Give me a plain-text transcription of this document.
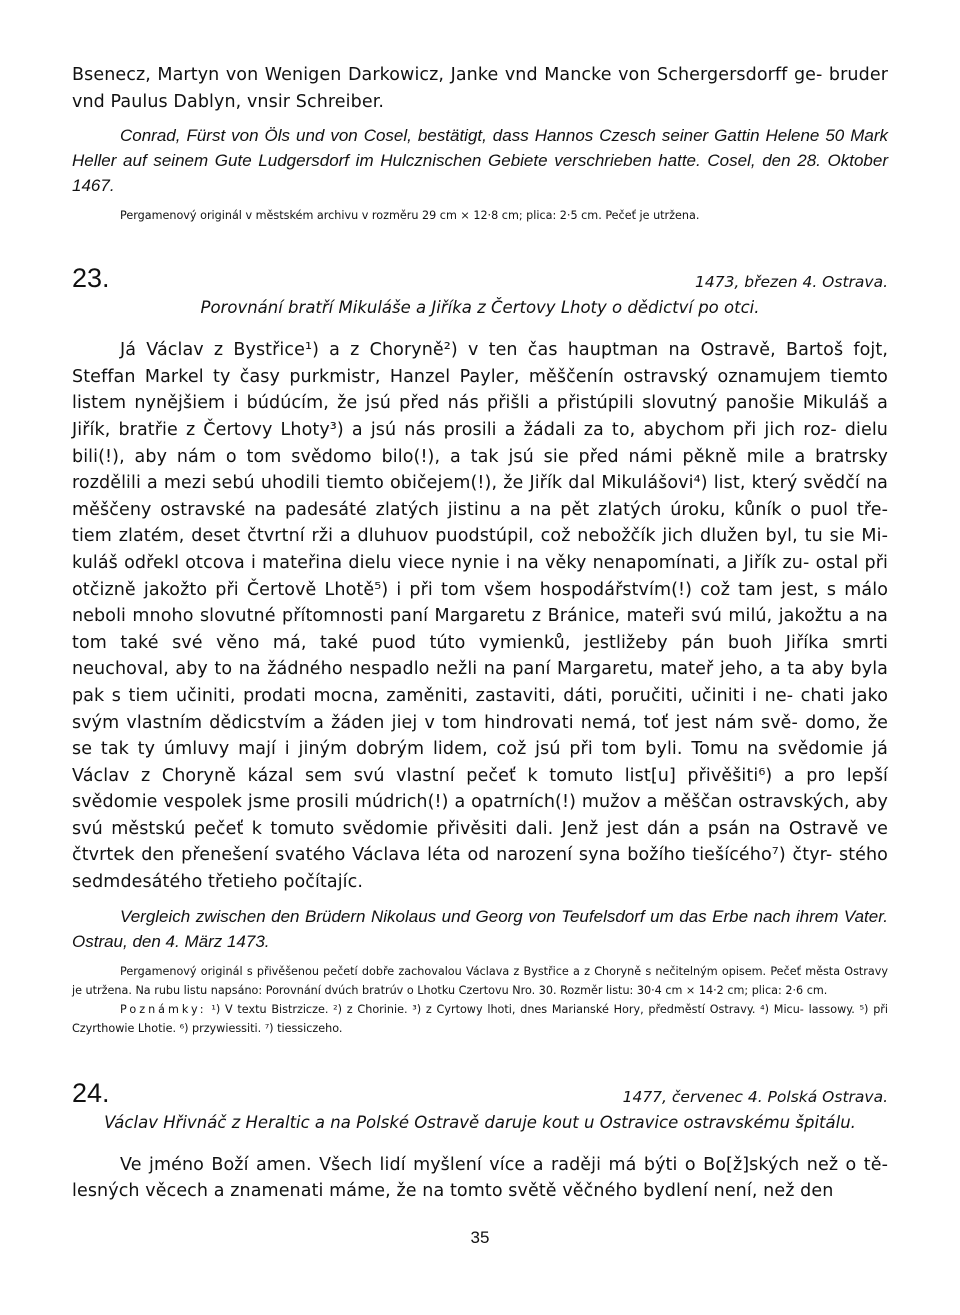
Bsenecz, Martyn von Wenigen Darkowicz, Janke vnd Mancke von Schergersdorff ge- bruder vnd Paulus Dablyn, vnsir Schreiber.

Conrad, Fürst von Öls und von Cosel, bestätigt, dass Hannos Czesch seiner Gattin Helene 50 Mark Heller auf seinem Gute Ludgersdorf im Hulcznischen Gebiete verschrieben hatte. Cosel, den 28. Oktober 1467.

Pergamenový originál v městském archivu v rozměru 29 cm ⨯ 12·8 cm; plica: 2·5 cm. Pečeť je utržena.

23.	1473, březen 4. Ostrava.

Porovnání bratří Mikuláše a Jiříka z Čertovy Lhoty o dědictví po otci.

Já Václav z Bystřice¹) a z Choryně²) v ten čas hauptman na Ostravě, Bartoš fojt, Steffan Markel ty časy purkmistr, Hanzel Payler, měščenín ostravský oznamujem tiemto listem nynějšiem i búdúcím, že jsú před nás přišli a přistúpili slovutný panošie Mikuláš a Jiřík, bratřie z Čertovy Lhoty³) a jsú nás prosili a žádali za to, abychom při jich roz- dielu bili(!), aby nám o tom svědomo bilo(!), a tak jsú sie před námi pěkně mile a bratrsky rozdělili a mezi sebú uhodili tiemto običejem(!), že Jiřík dal Mikulášovi⁴) list, který svědčí na měščeny ostravské na padesáté zlatých jistinu a na pět zlatých úroku, kůník o puol tře- tiem zlatém, deset čtvrtní rži a dluhuov puodstúpil, což nebožčík jich dlužen byl, tu sie Mi- kuláš odřekl otcova i mateřina dielu viece nynie i na věky nenapomínati, a Jiřík zu- ostal při otčizně jakožto při Čertově Lhotě⁵) i při tom všem hospodářstvím(!) což tam jest, s málo neboli mnoho slovutné přítomnosti paní Margaretu z Bránice, mateři svú milú, jakožtu a na tom také své věno má, také puod túto vymienků, jestližeby pán buoh Jiříka smrti neuchoval, aby to na žádného nespadlo nežli na paní Margaretu, mateř jeho, a ta aby byla pak s tiem učiniti, prodati mocna, zaměniti, zastaviti, dáti, poručiti, učiniti i ne- chati jako svým vlastním dědicstvím a žáden jiej v tom hindrovati nemá, toť jest nám svě- domo, že se tak ty úmluvy mají i jiným dobrým lidem, což jsú při tom byli. Tomu na svědomie já Václav z Choryně kázal sem svú vlastní pečeť k tomuto list[u] přivěšiti⁶) a pro lepší svědomie vespolek jsme prosili múdrich(!) a opatrních(!) mužov a měščan ostravských, aby svú městskú pečeť k tomuto svědomie přivěsiti dali. Jenž jest dán a psán na Ostravě ve čtvrtek den přenešení svatého Václava léta od narození syna božího tiešícého⁷) čtyr- stého sedmdesátého třetieho počítajíc.

Vergleich zwischen den Brüdern Nikolaus und Georg von Teufelsdorf um das Erbe nach ihrem Vater. Ostrau, den 4. März 1473.

Pergamenový originál s přivěšenou pečetí dobře zachovalou Václava z Bystřice a z Choryně s nečitelným opisem. Pečeť města Ostravy je utržena. Na rubu listu napsáno: Porovnání dvúch bratrúv o Lhotku Czertovu Nro. 30. Rozměr listu: 30·4 cm ⨯ 14·2 cm; plica: 2·6 cm.

Poznámky: ¹) V textu Bistrzicze. ²) z Chorinie. ³) z Cyrtowy lhoti, dnes Marianské Hory, předměstí Ostravy. ⁴) Micu- lassowy. ⁵) při Czyrthowie Lhotie. ⁶) przywiessiti. ⁷) tiessiczeho.

24.	1477, červenec 4. Polská Ostrava.

Václav Hřivnáč z Heraltic a na Polské Ostravě daruje kout u Ostravice ostravskému špitálu.

Ve jméno Boží amen. Všech lidí myšlení více a raději má býti o Bo[ž]ských než o tě- lesných věcech a znamenati máme, že na tomto světě věčného bydlení není, než den

35
